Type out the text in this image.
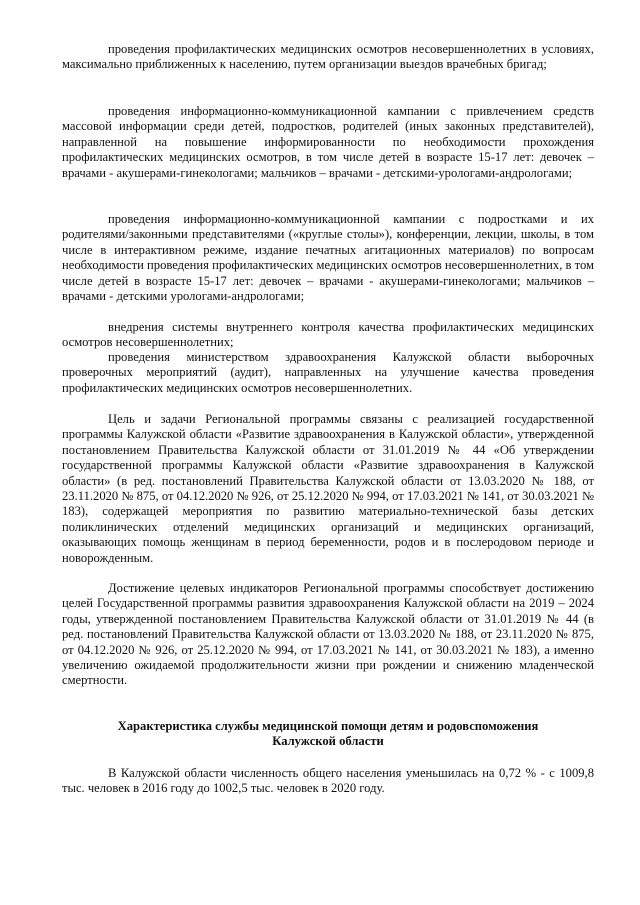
проведения профилактических медицинских осмотров несовершеннолетних в условиях, максимально приближенных к населению, путем организации выездов врачебных бригад;

проведения информационно-коммуникационной кампании с привлечением средств массовой информации среди детей, подростков, родителей (иных законных представителей), направленной на повышение информированности по необходимости прохождения профилактических медицинских осмотров, в том числе детей в возрасте 15-17 лет: девочек – врачами - акушерами-гинекологами; мальчиков – врачами - детскими-урологами-андрологами;

проведения информационно-коммуникационной кампании с подростками и их родителями/законными представителями («круглые столы»), конференции, лекции, школы, в том числе в интерактивном режиме, издание печатных агитационных материалов) по вопросам необходимости проведения профилактических медицинских осмотров несовершеннолетних, в том числе детей в возрасте 15-17 лет: девочек – врачами - акушерами-гинекологами; мальчиков – врачами - детскими урологами-андрологами;

внедрения системы внутреннего контроля качества профилактических медицинских осмотров несовершеннолетних;

проведения министерством здравоохранения Калужской области выборочных проверочных мероприятий (аудит), направленных на улучшение качества проведения профилактических медицинских осмотров несовершеннолетних.

Цель и задачи Региональной программы связаны с реализацией государственной программы Калужской области «Развитие здравоохранения в Калужской области», утвержденной постановлением Правительства Калужской области от 31.01.2019 № 44 «Об утверждении государственной программы Калужской области «Развитие здравоохранения в Калужской области» (в ред. постановлений Правительства Калужской области от 13.03.2020 № 188, от 23.11.2020 № 875, от 04.12.2020 № 926, от 25.12.2020 № 994, от 17.03.2021 № 141, от 30.03.2021 № 183), содержащей мероприятия по развитию материально-технической базы детских поликлинических отделений медицинских организаций и медицинских организаций, оказывающих помощь женщинам в период беременности, родов и в послеродовом периоде и новорожденным.

Достижение целевых индикаторов Региональной программы способствует достижению целей Государственной программы развития здравоохранения Калужской области на 2019 – 2024 годы, утвержденной постановлением Правительства Калужской области от 31.01.2019 № 44 (в ред. постановлений Правительства Калужской области от 13.03.2020 № 188, от 23.11.2020 № 875, от 04.12.2020 № 926, от 25.12.2020 № 994, от 17.03.2021 № 141, от 30.03.2021 № 183), а именно увеличению ожидаемой продолжительности жизни при рождении и снижению младенческой смертности.

Характеристика службы медицинской помощи детям и родовспоможения
Калужской области

В Калужской области численность общего населения уменьшилась на 0,72 % - с 1009,8 тыс. человек в 2016 году до 1002,5 тыс. человек в 2020 году.
